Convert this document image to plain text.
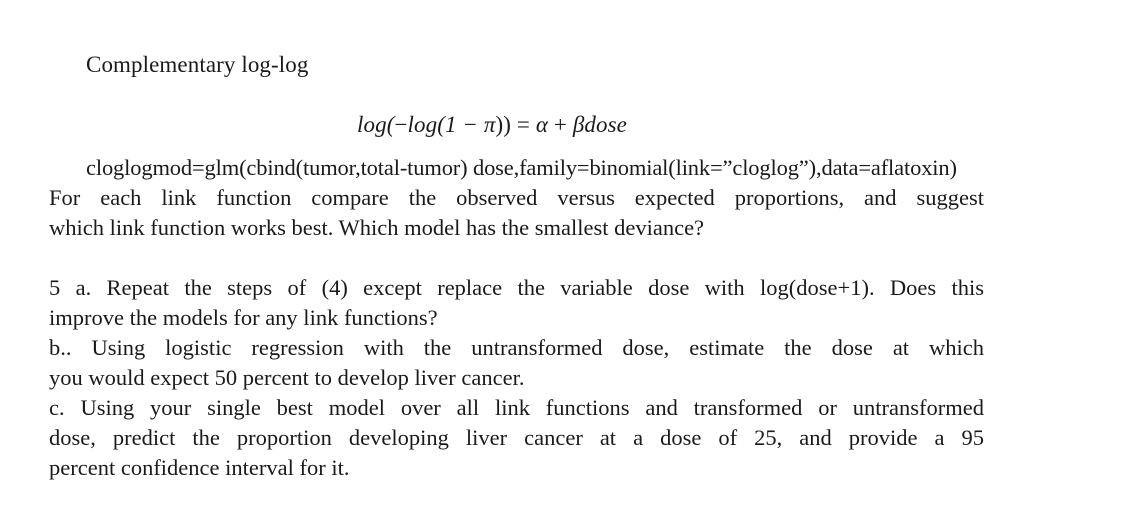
Complementary log-log
log(−log(1 − π)) = α + βdose
cloglogmod=glm(cbind(tumor,total-tumor) dose,family=binomial(link=”cloglog”),data=aflatoxin)
For each link function compare the observed versus expected proportions, and suggest
which link function works best. Which model has the smallest deviance?
5 a. Repeat the steps of (4) except replace the variable dose with log(dose+1). Does this
improve the models for any link functions?
b.. Using logistic regression with the untransformed dose, estimate the dose at which
you would expect 50 percent to develop liver cancer.
c. Using your single best model over all link functions and transformed or untransformed
dose, predict the proportion developing liver cancer at a dose of 25, and provide a 95
percent confidence interval for it.
